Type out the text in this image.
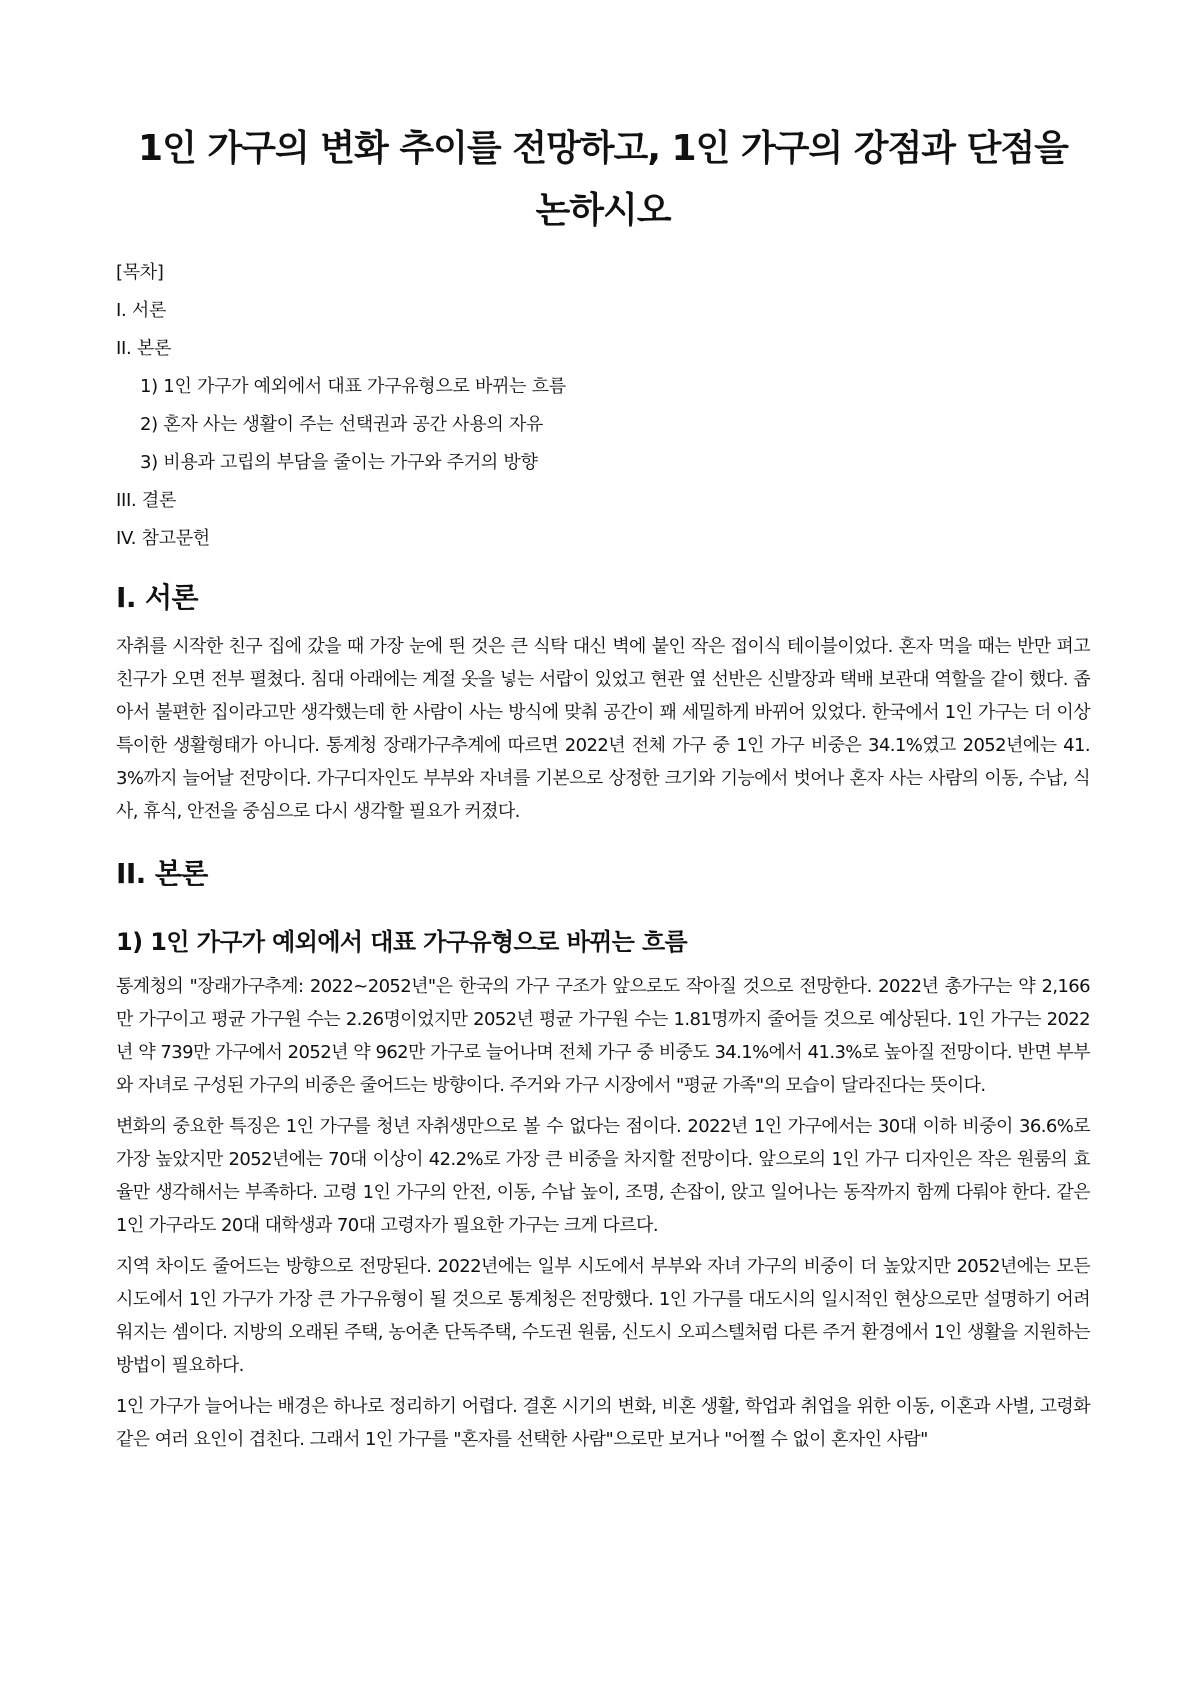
1인 가구의 변화 추이를 전망하고, 1인 가구의 강점과 단점을 논하시오
[목차]
I. 서론
II. 본론
1) 1인 가구가 예외에서 대표 가구유형으로 바뀌는 흐름
2) 혼자 사는 생활이 주는 선택권과 공간 사용의 자유
3) 비용과 고립의 부담을 줄이는 가구와 주거의 방향
III. 결론
IV. 참고문헌
I. 서론

자취를 시작한 친구 집에 갔을 때 가장 눈에 띈 것은 큰 식탁 대신 벽에 붙인 작은 접이식 테이블이었다. 혼자 먹을 때는 반만 펴고 친구가 오면 전부 펼쳤다. 침대 아래에는 계절 옷을 넣는 서랍이 있었고 현관 옆 선반은 신발장과 택배 보관대 역할을 같이 했다. 좁아서 불편한 집이라고만 생각했는데 한 사람이 사는 방식에 맞춰 공간이 꽤 세밀하게 바뀌어 있었다. 한국에서 1인 가구는 더 이상 특이한 생활형태가 아니다. 통계청 장래가구추계에 따르면 2022년 전체 가구 중 1인 가구 비중은 34.1%였고 2052년에는 41.3%까지 늘어날 전망이다. 가구디자인도 부부와 자녀를 기본으로 상정한 크기와 기능에서 벗어나 혼자 사는 사람의 이동, 수납, 식사, 휴식, 안전을 중심으로 다시 생각할 필요가 커졌다.

II. 본론
1) 1인 가구가 예외에서 대표 가구유형으로 바뀌는 흐름

통계청의 "장래가구추계: 2022~2052년"은 한국의 가구 구조가 앞으로도 작아질 것으로 전망한다. 2022년 총가구는 약 2,166만 가구이고 평균 가구원 수는 2.26명이었지만 2052년 평균 가구원 수는 1.81명까지 줄어들 것으로 예상된다. 1인 가구는 2022년 약 739만 가구에서 2052년 약 962만 가구로 늘어나며 전체 가구 중 비중도 34.1%에서 41.3%로 높아질 전망이다. 반면 부부와 자녀로 구성된 가구의 비중은 줄어드는 방향이다. 주거와 가구 시장에서 "평균 가족"의 모습이 달라진다는 뜻이다.

변화의 중요한 특징은 1인 가구를 청년 자취생만으로 볼 수 없다는 점이다. 2022년 1인 가구에서는 30대 이하 비중이 36.6%로 가장 높았지만 2052년에는 70대 이상이 42.2%로 가장 큰 비중을 차지할 전망이다. 앞으로의 1인 가구 디자인은 작은 원룸의 효율만 생각해서는 부족하다. 고령 1인 가구의 안전, 이동, 수납 높이, 조명, 손잡이, 앉고 일어나는 동작까지 함께 다뤄야 한다. 같은 1인 가구라도 20대 대학생과 70대 고령자가 필요한 가구는 크게 다르다.

지역 차이도 줄어드는 방향으로 전망된다. 2022년에는 일부 시도에서 부부와 자녀 가구의 비중이 더 높았지만 2052년에는 모든 시도에서 1인 가구가 가장 큰 가구유형이 될 것으로 통계청은 전망했다. 1인 가구를 대도시의 일시적인 현상으로만 설명하기 어려워지는 셈이다. 지방의 오래된 주택, 농어촌 단독주택, 수도권 원룸, 신도시 오피스텔처럼 다른 주거 환경에서 1인 생활을 지원하는 방법이 필요하다.

1인 가구가 늘어나는 배경은 하나로 정리하기 어렵다. 결혼 시기의 변화, 비혼 생활, 학업과 취업을 위한 이동, 이혼과 사별, 고령화 같은 여러 요인이 겹친다. 그래서 1인 가구를 "혼자를 선택한 사람"으로만 보거나 "어쩔 수 없이 혼자인 사람"
